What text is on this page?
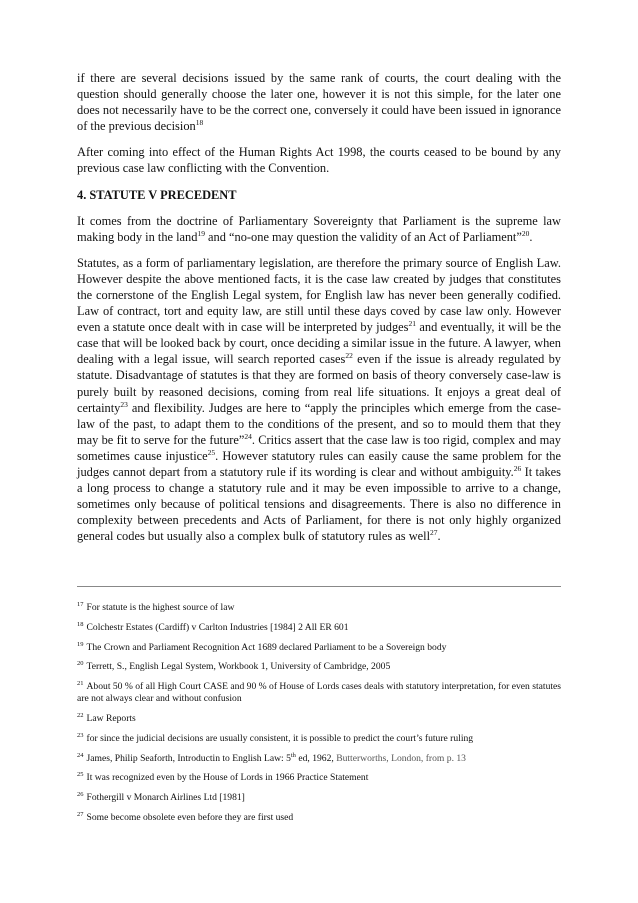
if there are several decisions issued by the same rank of courts, the court dealing with the question should generally choose the later one, however it is not this simple, for the later one does not necessarily have to be the correct one, conversely it could have been issued in ignorance of the previous decision$^{18}$

After coming into effect of the Human Rights Act 1998, the courts ceased to be bound by any previous case law conflicting with the Convention.

4. STATUTE V PRECEDENT

It comes from the doctrine of Parliamentary Sovereignty that Parliament is the supreme law making body in the land$^{19}$ and “no-one may question the validity of an Act of Parliament”$^{20}$.

Statutes, as a form of parliamentary legislation, are therefore the primary source of English Law. However despite the above mentioned facts, it is the case law created by judges that constitutes the cornerstone of the English Legal system, for English law has never been generally codified. Law of contract, tort and equity law, are still until these days coved by case law only. However even a statute once dealt with in case will be interpreted by judges$^{21}$ and eventually, it will be the case that will be looked back by court, once deciding a similar issue in the future. A lawyer, when dealing with a legal issue, will search reported cases$^{22}$ even if the issue is already regulated by statute. Disadvantage of statutes is that they are formed on basis of theory conversely case-law is purely built by reasoned decisions, coming from real life situations. It enjoys a great deal of certainty$^{23}$ and flexibility. Judges are here to “apply the principles which emerge from the case-law of the past, to adapt them to the conditions of the present, and so to mould them that they may be fit to serve for the future”$^{24}$. Critics assert that the case law is too rigid, complex and may sometimes cause injustice$^{25}$. However statutory rules can easily cause the same problem for the judges cannot depart from a statutory rule if its wording is clear and without ambiguity.$^{26}$ It takes a long process to change a statutory rule and it may be even impossible to arrive to a change, sometimes only because of political tensions and disagreements. There is also no difference in complexity between precedents and Acts of Parliament, for there is not only highly organized general codes but usually also a complex bulk of statutory rules as well$^{27}$.

$^{17}$ For statute is the highest source of law
$^{18}$ Colchestr Estates (Cardiff) v Carlton Industries [1984] 2 All ER 601
$^{19}$ The Crown and Parliament Recognition Act 1689 declared Parliament to be a Sovereign body
$^{20}$ Terrett, S., English Legal System, Workbook 1, University of Cambridge, 2005
$^{21}$ About 50 % of all High Court CASE and 90 % of House of Lords cases deals with statutory interpretation, for even statutes are not always clear and without confusion
$^{22}$ Law Reports
$^{23}$ for since the judicial decisions are usually consistent, it is possible to predict the court’s future ruling
$^{24}$ James, Philip Seaforth, Introductin to English Law: 5th ed, 1962, Butterworths, London, from p. 13
$^{25}$ It was recognized even by the House of Lords in 1966 Practice Statement
$^{26}$ Fothergill v Monarch Airlines Ltd [1981]
$^{27}$ Some become obsolete even before they are first used
